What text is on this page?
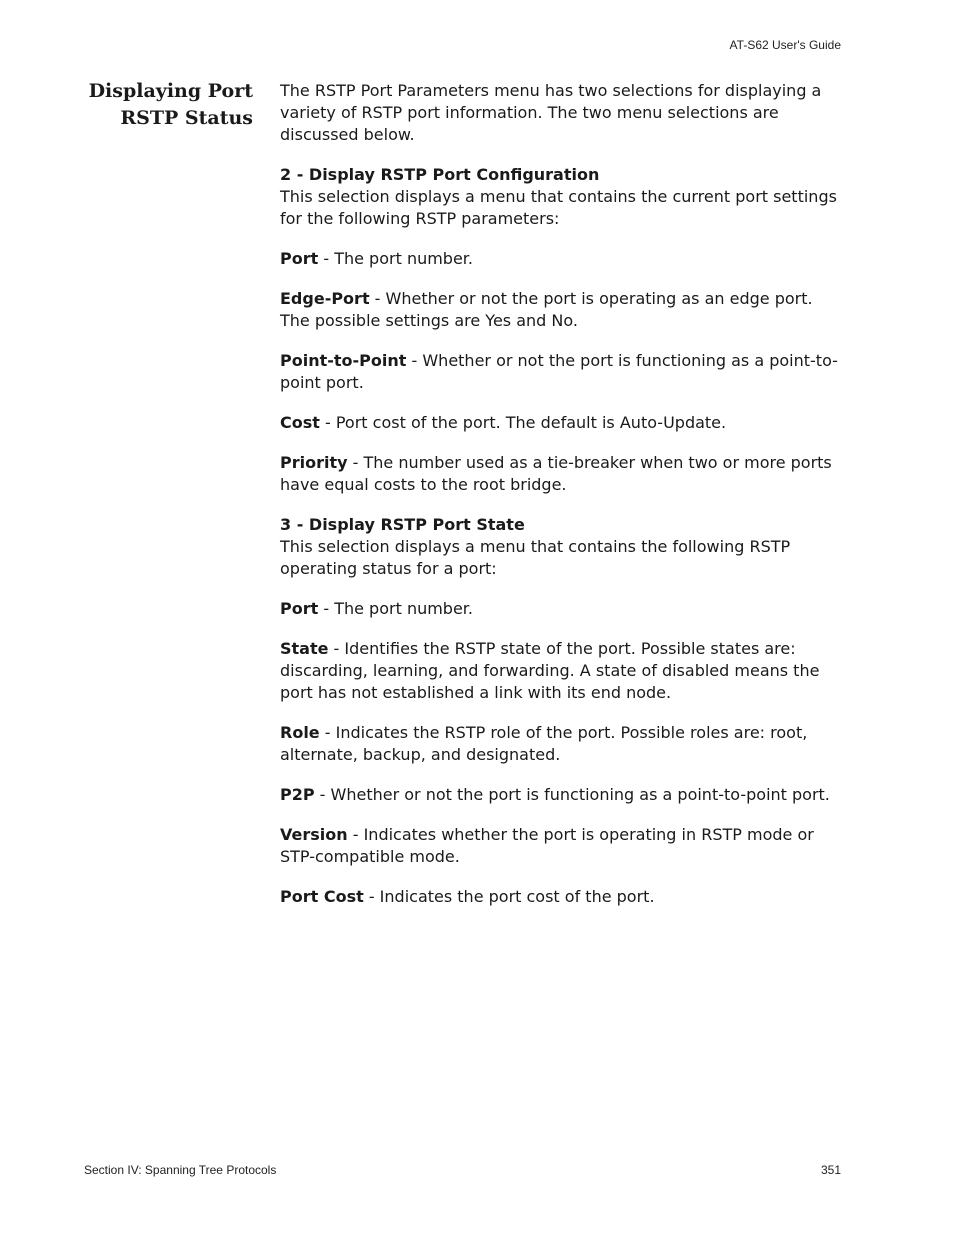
AT-S62 User's Guide
Displaying Port
RSTP Status

The RSTP Port Parameters menu has two selections for displaying a variety of RSTP port information. The two menu selections are discussed below.

2 - Display RSTP Port Configuration

This selection displays a menu that contains the current port settings for the following RSTP parameters:

Port - The port number.

Edge-Port - Whether or not the port is operating as an edge port. The possible settings are Yes and No.

Point-to-Point - Whether or not the port is functioning as a point-to-point port.

Cost - Port cost of the port. The default is Auto-Update.

Priority - The number used as a tie-breaker when two or more ports have equal costs to the root bridge.

3 - Display RSTP Port State

This selection displays a menu that contains the following RSTP operating status for a port:

Port - The port number.

State - Identifies the RSTP state of the port. Possible states are: discarding, learning, and forwarding. A state of disabled means the port has not established a link with its end node.

Role - Indicates the RSTP role of the port. Possible roles are: root, alternate, backup, and designated.

P2P - Whether or not the port is functioning as a point-to-point port.

Version - Indicates whether the port is operating in RSTP mode or STP-compatible mode.

Port Cost - Indicates the port cost of the port.

Section IV: Spanning Tree Protocols	351
